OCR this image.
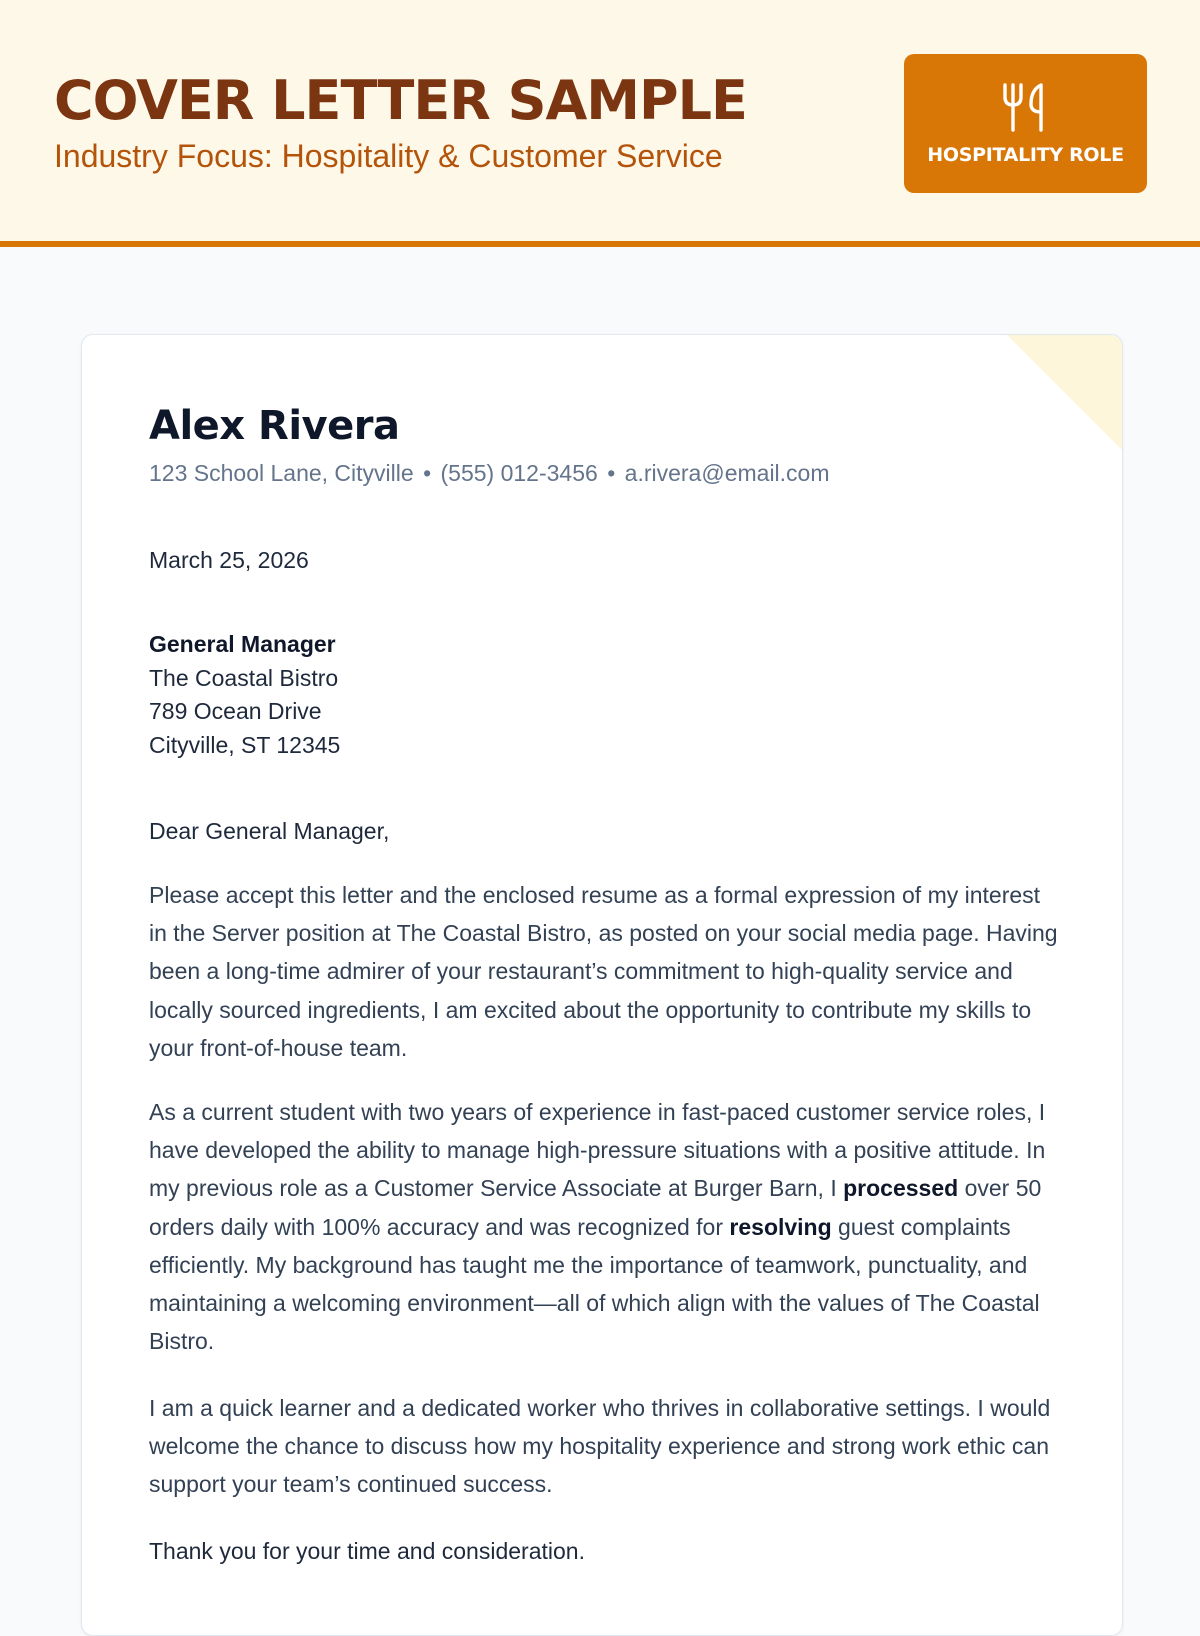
COVER LETTER SAMPLE
Industry Focus: Hospitality & Customer Service	HOSPITALITY ROLE
Alex Rivera
123 School Lane, Cityville • (555) 012-3456 • a.rivera@email.com
March 25, 2026
General Manager
The Coastal Bistro
789 Ocean Drive
Cityville, ST 12345
Dear General Manager,

Please accept this letter and the enclosed resume as a formal expression of my interest in the Server position at The Coastal Bistro, as posted on your social media page. Having been a long-time admirer of your restaurant’s commitment to high-quality service and locally sourced ingredients, I am excited about the opportunity to contribute my skills to your front-of-house team.

As a current student with two years of experience in fast-paced customer service roles, I have developed the ability to manage high-pressure situations with a positive attitude. In my previous role as a Customer Service Associate at Burger Barn, I processed over 50 orders daily with 100% accuracy and was recognized for resolving guest complaints efficiently. My background has taught me the importance of teamwork, punctuality, and maintaining a welcoming environment—all of which align with the values of The Coastal Bistro.

I am a quick learner and a dedicated worker who thrives in collaborative settings. I would welcome the chance to discuss how my hospitality experience and strong work ethic can support your team’s continued success.

Thank you for your time and consideration.
